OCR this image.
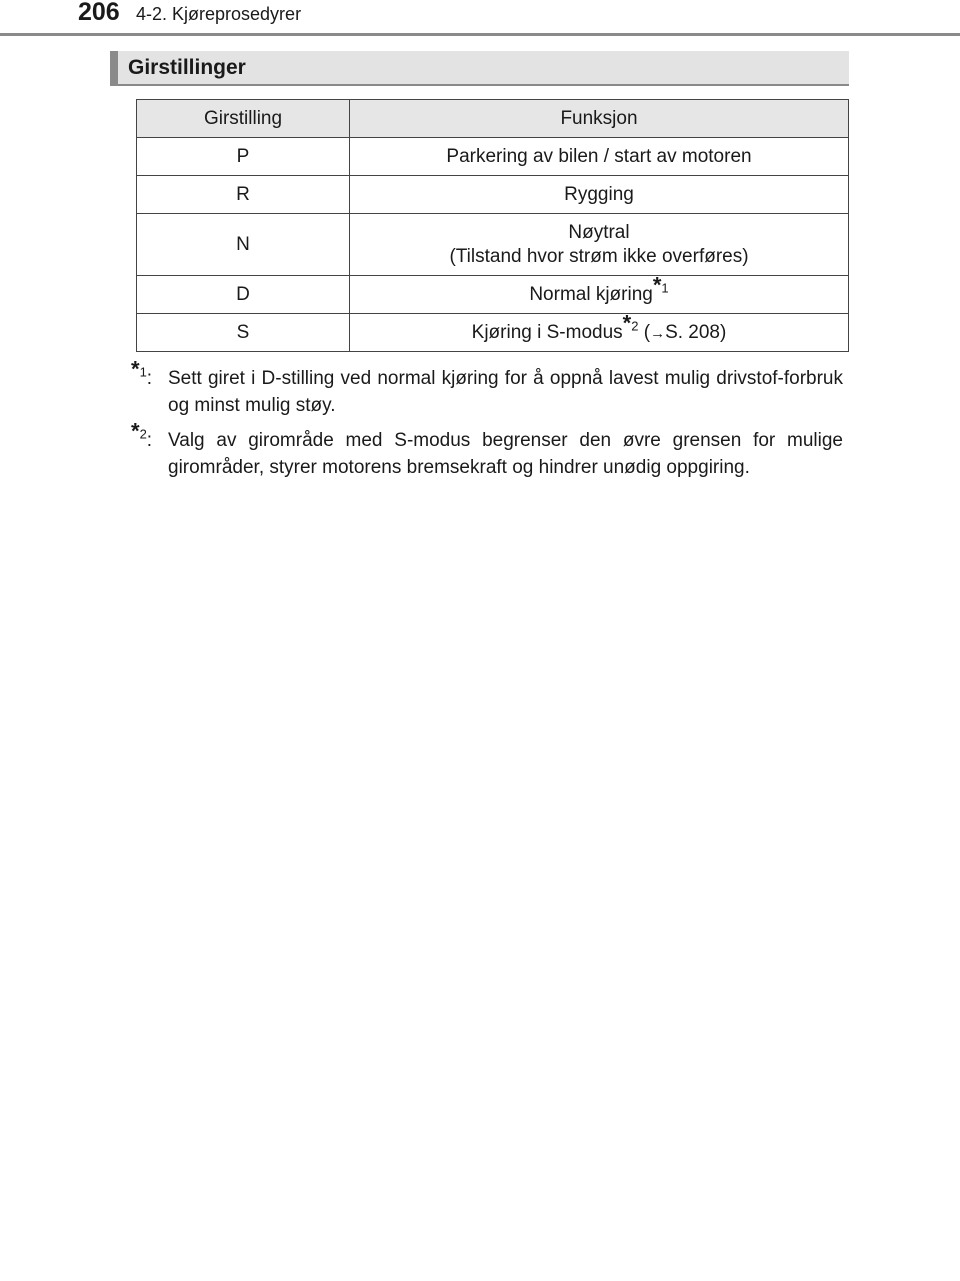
206 4-2. Kjøreprosedyrer
Girstillinger
Girstilling	Funksjon
P	Parkering av bilen / start av motoren
R	Rygging
N	Nøytral
(Tilstand hvor strøm ikke overføres)

D	Normal kjøring*$^1$
S	Kjøring i S-modus*$^2$ (→S. 208)
*$^1$: Sett giret i D-stilling ved normal kjøring for å oppnå lavest mulig drivstof-forbruk og minst mulig støy.
*$^2$: Valg av girområde med S-modus begrenser den øvre grensen for mulige girområder, styrer motorens bremsekraft og hindrer unødig oppgiring.
